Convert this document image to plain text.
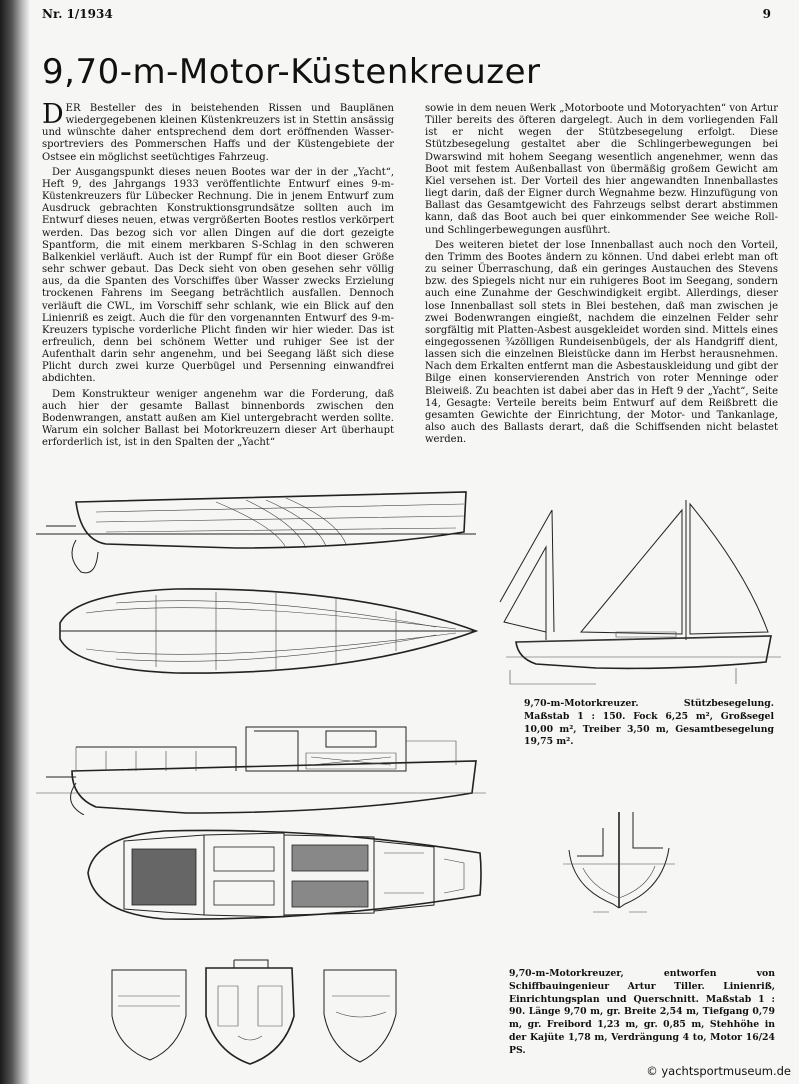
Nr. 1/1934	9
9,70-m-Motor-Küstenkreuzer

DER Besteller des in beistehenden Rissen und Bauplänen wiedergegebenen kleinen Küstenkreuzers ist in Stettin ansässig und wünschte daher entsprechend dem dort eröffnenden Wassersportreviers des Pommerschen Haffs und der Küstengebiete der Ostsee ein möglichst seetüchtiges Fahrzeug.

Der Ausgangspunkt dieses neuen Bootes war der in der „Yacht“, Heft 9, des Jahrgangs 1933 veröffentlichte Entwurf eines 9-m-Küstenkreuzers für Lübecker Rechnung. Die in jenem Entwurf zum Ausdruck gebrachten Konstruktionsgrundsätze sollten auch im Entwurf dieses neuen, etwas vergrößerten Bootes restlos verkörpert werden. Das bezog sich vor allen Dingen auf die dort gezeigte Spantform, die mit einem merkbaren S-Schlag in den schweren Balkenkiel verläuft. Auch ist der Rumpf für ein Boot dieser Größe sehr schwer gebaut. Das Deck sieht von oben gesehen sehr völlig aus, da die Spanten des Vorschiffes über Wasser zwecks Erzielung trockenen Fahrens im Seegang beträchtlich ausfallen. Dennoch verläuft die CWL, im Vorschiff sehr schlank, wie ein Blick auf den Linienriß es zeigt. Auch die für den vorgenannten Entwurf des 9-m-Kreuzers typische vorderliche Plicht finden wir hier wieder. Das ist erfreulich, denn bei schönem Wetter und ruhiger See ist der Aufenthalt darin sehr angenehm, und bei Seegang läßt sich diese Plicht durch zwei kurze Querbügel und Persenning einwandfrei abdichten.

Dem Konstrukteur weniger angenehm war die Forderung, daß auch hier der gesamte Ballast binnenbords zwischen den Bodenwrangen, anstatt außen am Kiel untergebracht werden sollte. Warum ein solcher Ballast bei Motorkreuzern dieser Art überhaupt erforderlich ist, ist in den Spalten der „Yacht“

sowie in dem neuen Werk „Motorboote und Motoryachten“ von Artur Tiller bereits des öfteren dargelegt. Auch in dem vorliegenden Fall ist er nicht wegen der Stützbesegelung erfolgt. Diese Stützbesegelung gestaltet aber die Schlingerbewegungen bei Dwarswind mit hohem Seegang wesentlich angenehmer, wenn das Boot mit festem Außenballast von übermäßig großem Gewicht am Kiel versehen ist. Der Vorteil des hier angewandten Innenballastes liegt darin, daß der Eigner durch Wegnahme bezw. Hinzufügung von Ballast das Gesamtgewicht des Fahrzeugs selbst derart abstimmen kann, daß das Boot auch bei quer einkommender See weiche Roll- und Schlingerbewegungen ausführt.

Des weiteren bietet der lose Innenballast auch noch den Vorteil, den Trimm des Bootes ändern zu können. Und dabei erlebt man oft zu seiner Überraschung, daß ein geringes Austauchen des Stevens bzw. des Spiegels nicht nur ein ruhigeres Boot im Seegang, sondern auch eine Zunahme der Geschwindigkeit ergibt. Allerdings, dieser lose Innenballast soll stets in Blei bestehen, daß man zwischen je zwei Bodenwrangen eingießt, nachdem die einzelnen Felder sehr sorgfältig mit Platten-Asbest ausgekleidet worden sind. Mittels eines eingegossenen ¾zölligen Rundeisenbügels, der als Handgriff dient, lassen sich die einzelnen Bleistücke dann im Herbst herausnehmen. Nach dem Erkalten entfernt man die Asbestauskleidung und gibt der Bilge einen konservierenden Anstrich von roter Menninge oder Bleiweiß. Zu beachten ist dabei aber das in Heft 9 der „Yacht“, Seite 14, Gesagte: Verteile bereits beim Entwurf auf dem Reißbrett die gesamten Gewichte der Einrichtung, der Motor- und Tankanlage, also auch des Ballasts derart, daß die Schiffsenden nicht belastet werden.

9,70-m-Motorkreuzer. Stützbesegelung. Maßstab 1 : 150. Fock 6,25 m², Großsegel 10,00 m², Treiber 3,50 m, Gesamtbesegelung 19,75 m².
9,70-m-Motorkreuzer, entworfen von Schiffbauingenieur Artur Tiller. Linienriß, Einrichtungsplan und Querschnitt. Maßstab 1 : 90. Länge 9,70 m, gr. Breite 2,54 m, Tiefgang 0,79 m, gr. Freibord 1,23 m, gr. 0,85 m, Stehhöhe in der Kajüte 1,78 m, Verdrängung 4 to, Motor 16/24 PS.
© yachtsportmuseum.de
